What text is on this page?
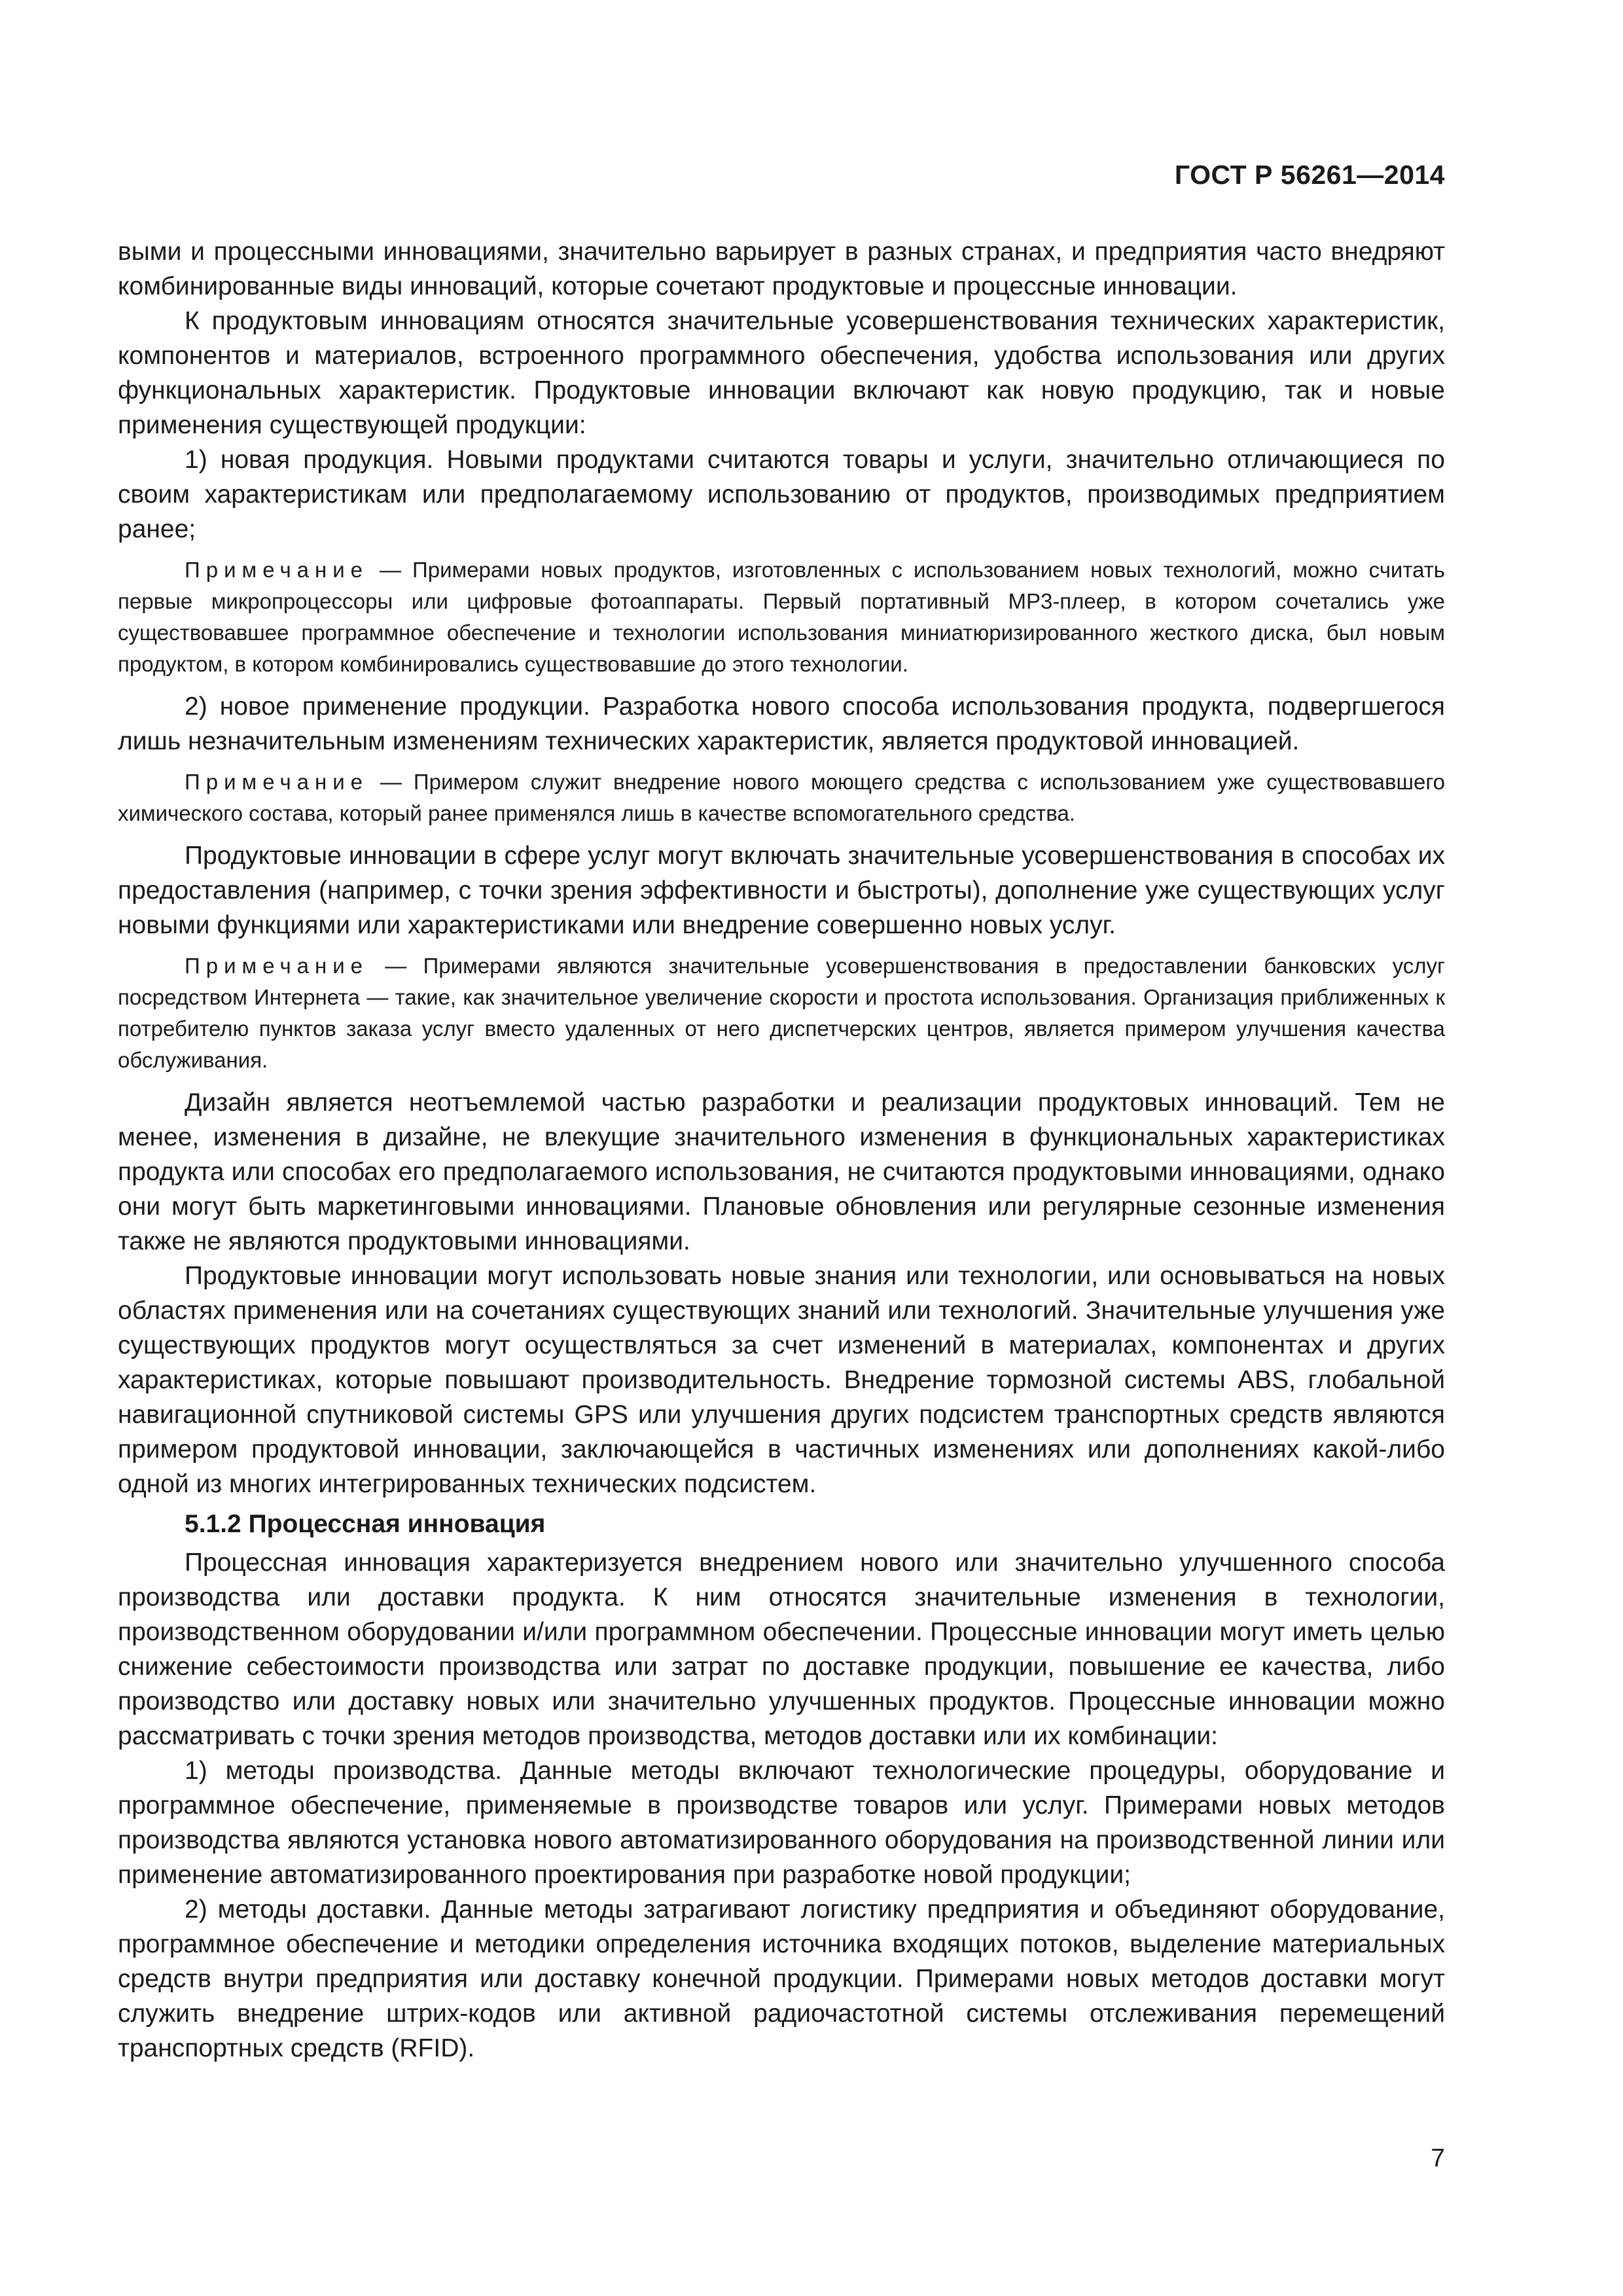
ГОСТ Р 56261—2014

выми и процессными инновациями, значительно варьирует в разных странах, и предприятия часто внедряют комбинированные виды инноваций, которые сочетают продуктовые и процессные инновации.

К продуктовым инновациям относятся значительные усовершенствования технических характеристик, компонентов и материалов, встроенного программного обеспечения, удобства использования или других функциональных характеристик. Продуктовые инновации включают как новую продукцию, так и новые применения существующей продукции:

1) новая продукция. Новыми продуктами считаются товары и услуги, значительно отличающиеся по своим характеристикам или предполагаемому использованию от продуктов, производимых предприятием ранее;

Примечание — Примерами новых продуктов, изготовленных с использованием новых технологий, можно считать первые микропроцессоры или цифровые фотоаппараты. Первый портативный МР3-плеер, в котором сочетались уже существовавшее программное обеспечение и технологии использования миниатюризированного жесткого диска, был новым продуктом, в котором комбинировались существовавшие до этого технологии.

2) новое применение продукции. Разработка нового способа использования продукта, подвергшегося лишь незначительным изменениям технических характеристик, является продуктовой инновацией.

Примечание — Примером служит внедрение нового моющего средства с использованием уже существовавшего химического состава, который ранее применялся лишь в качестве вспомогательного средства.

Продуктовые инновации в сфере услуг могут включать значительные усовершенствования в способах их предоставления (например, с точки зрения эффективности и быстроты), дополнение уже существующих услуг новыми функциями или характеристиками или внедрение совершенно новых услуг.

Примечание — Примерами являются значительные усовершенствования в предоставлении банковских услуг посредством Интернета — такие, как значительное увеличение скорости и простота использования. Организация приближенных к потребителю пунктов заказа услуг вместо удаленных от него диспетчерских центров, является примером улучшения качества обслуживания.

Дизайн является неотъемлемой частью разработки и реализации продуктовых инноваций. Тем не менее, изменения в дизайне, не влекущие значительного изменения в функциональных характеристиках продукта или способах его предполагаемого использования, не считаются продуктовыми инновациями, однако они могут быть маркетинговыми инновациями. Плановые обновления или регулярные сезонные изменения также не являются продуктовыми инновациями.

Продуктовые инновации могут использовать новые знания или технологии, или основываться на новых областях применения или на сочетаниях существующих знаний или технологий. Значительные улучшения уже существующих продуктов могут осуществляться за счет изменений в материалах, компонентах и других характеристиках, которые повышают производительность. Внедрение тормозной системы ABS, глобальной навигационной спутниковой системы GPS или улучшения других подсистем транспортных средств являются примером продуктовой инновации, заключающейся в частичных изменениях или дополнениях какой-либо одной из многих интегрированных технических подсистем.

5.1.2 Процессная инновация

Процессная инновация характеризуется внедрением нового или значительно улучшенного способа производства или доставки продукта. К ним относятся значительные изменения в технологии, производственном оборудовании и/или программном обеспечении. Процессные инновации могут иметь целью снижение себестоимости производства или затрат по доставке продукции, повышение ее качества, либо производство или доставку новых или значительно улучшенных продуктов. Процессные инновации можно рассматривать с точки зрения методов производства, методов доставки или их комбинации:

1) методы производства. Данные методы включают технологические процедуры, оборудование и программное обеспечение, применяемые в производстве товаров или услуг. Примерами новых методов производства являются установка нового автоматизированного оборудования на производственной линии или применение автоматизированного проектирования при разработке новой продукции;

2) методы доставки. Данные методы затрагивают логистику предприятия и объединяют оборудование, программное обеспечение и методики определения источника входящих потоков, выделение материальных средств внутри предприятия или доставку конечной продукции. Примерами новых методов доставки могут служить внедрение штрих-кодов или активной радиочастотной системы отслеживания перемещений транспортных средств (RFID).

7
